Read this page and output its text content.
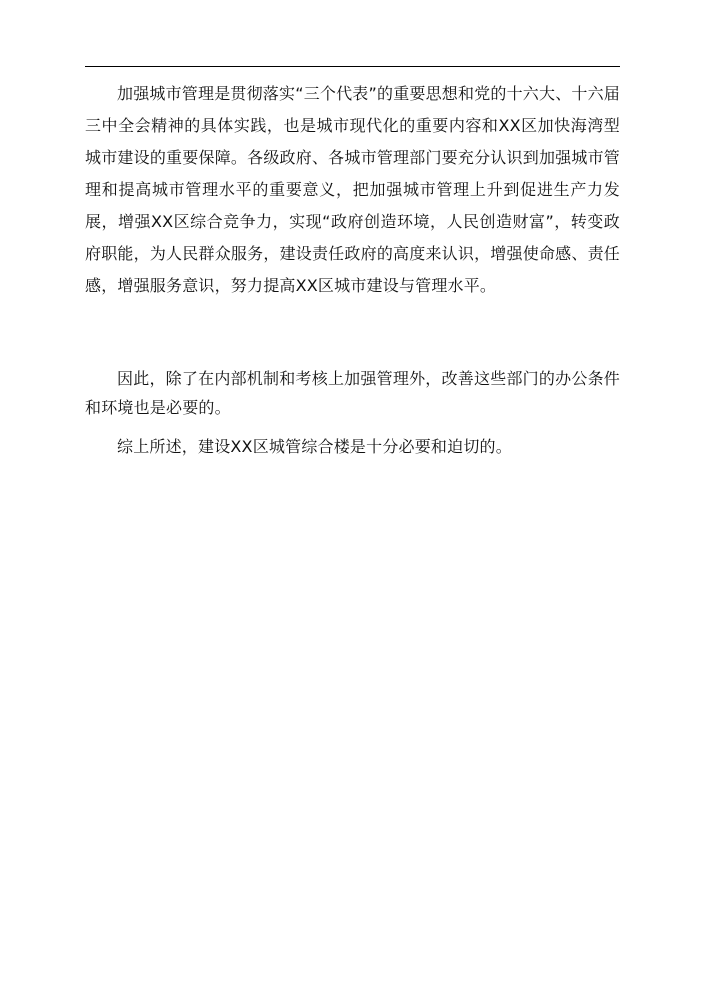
加强城市管理是贯彻落实“三个代表”的重要思想和党的十六大、十六届三中全会精神的具体实践，也是城市现代化的重要内容和XX区加快海湾型城市建设的重要保障。各级政府、各城市管理部门要充分认识到加强城市管理和提高城市管理水平的重要意义，把加强城市管理上升到促进生产力发展，增强XX区综合竞争力，实现“政府创造环境，人民创造财富”，转变政府职能，为人民群众服务，建设责任政府的高度来认识，增强使命感、责任感，增强服务意识，努力提高XX区城市建设与管理水平。

因此，除了在内部机制和考核上加强管理外，改善这些部门的办公条件和环境也是必要的。

综上所述，建设XX区城管综合楼是十分必要和迫切的。
